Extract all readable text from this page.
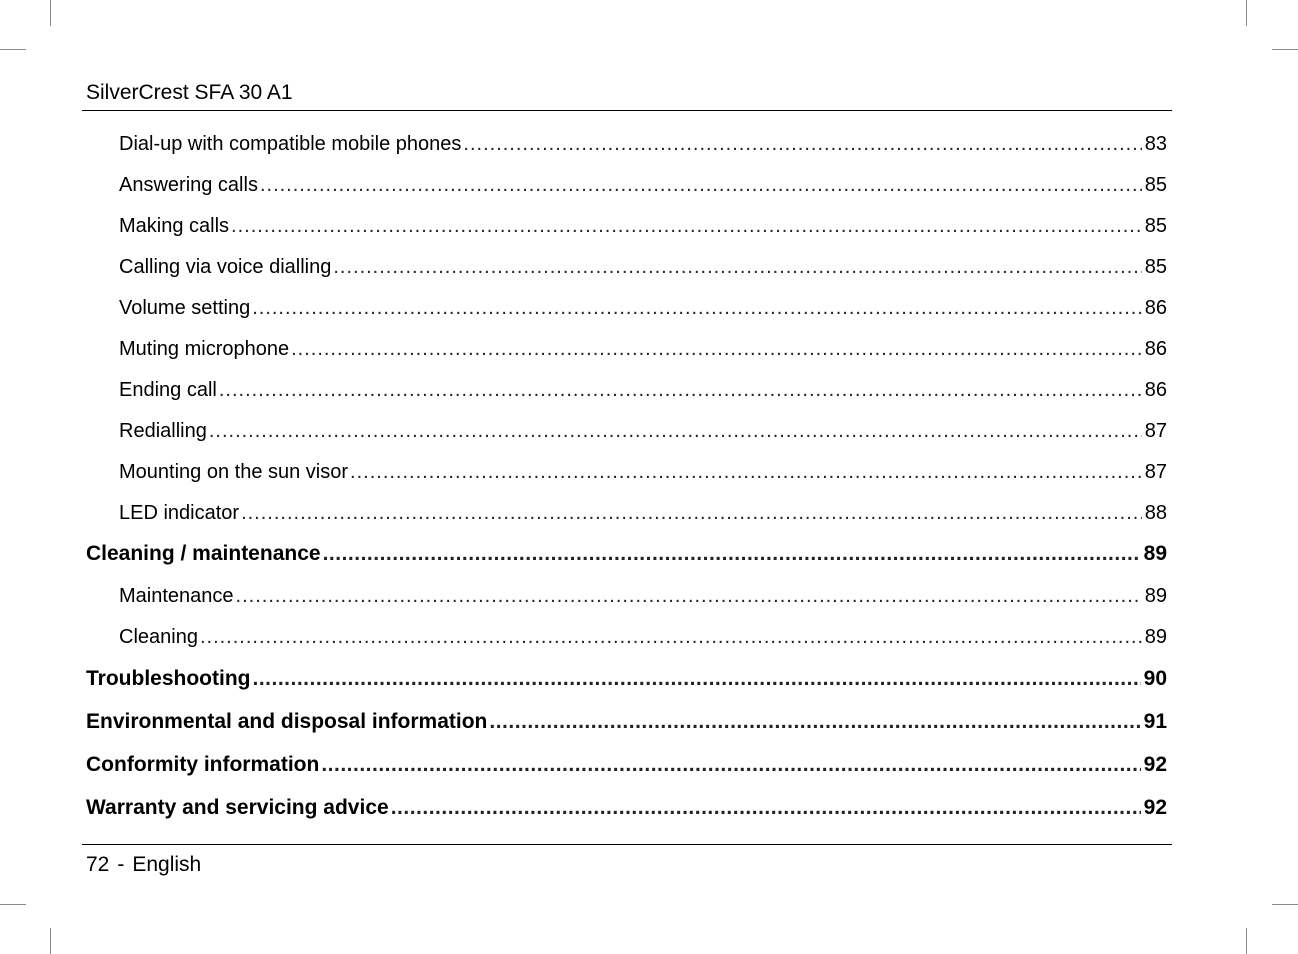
SilverCrest SFA 30 A1
Dial-up with compatible mobile phones .....	83
Answering calls .....	85
Making calls .....	85
Calling via voice dialling .....	85
Volume setting .....	86
Muting microphone .....	86
Ending call .....	86
Redialling .....	87
Mounting on the sun visor .....	87
LED indicator .....	88
Cleaning / maintenance .....	89
Maintenance .....	89
Cleaning .....	89
Troubleshooting .....	90
Environmental and disposal information .....	91
Conformity information .....	92
Warranty and servicing advice .....	92
72 - English
